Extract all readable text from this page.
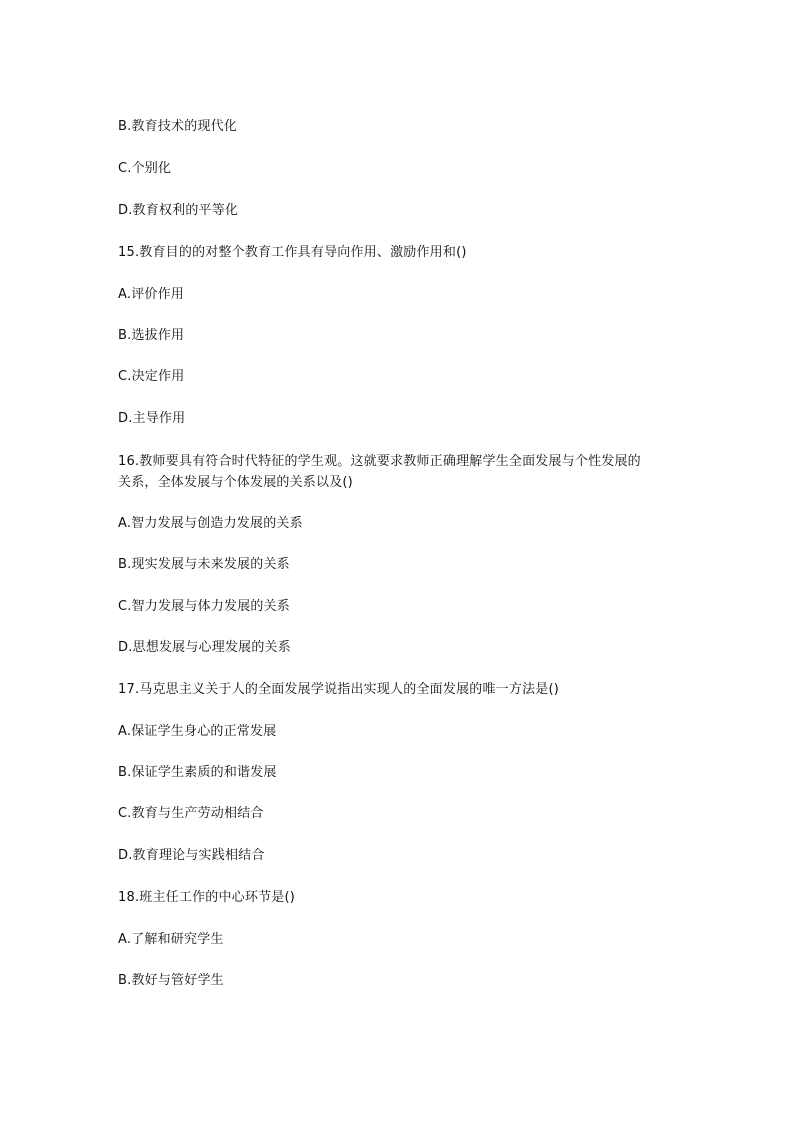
B.教育技术的现代化
C.个别化
D.教育权利的平等化
15.教育目的的对整个教育工作具有导向作用、激励作用和()
A.评价作用
B.选拔作用
C.决定作用
D.主导作用
16.教师要具有符合时代特征的学生观。这就要求教师正确理解学生全面发展与个性发展的
关系，全体发展与个体发展的关系以及()
A.智力发展与创造力发展的关系
B.现实发展与未来发展的关系
C.智力发展与体力发展的关系
D.思想发展与心理发展的关系
17.马克思主义关于人的全面发展学说指出实现人的全面发展的唯一方法是()
A.保证学生身心的正常发展
B.保证学生素质的和谐发展
C.教育与生产劳动相结合
D.教育理论与实践相结合
18.班主任工作的中心环节是()
A.了解和研究学生
B.教好与管好学生
